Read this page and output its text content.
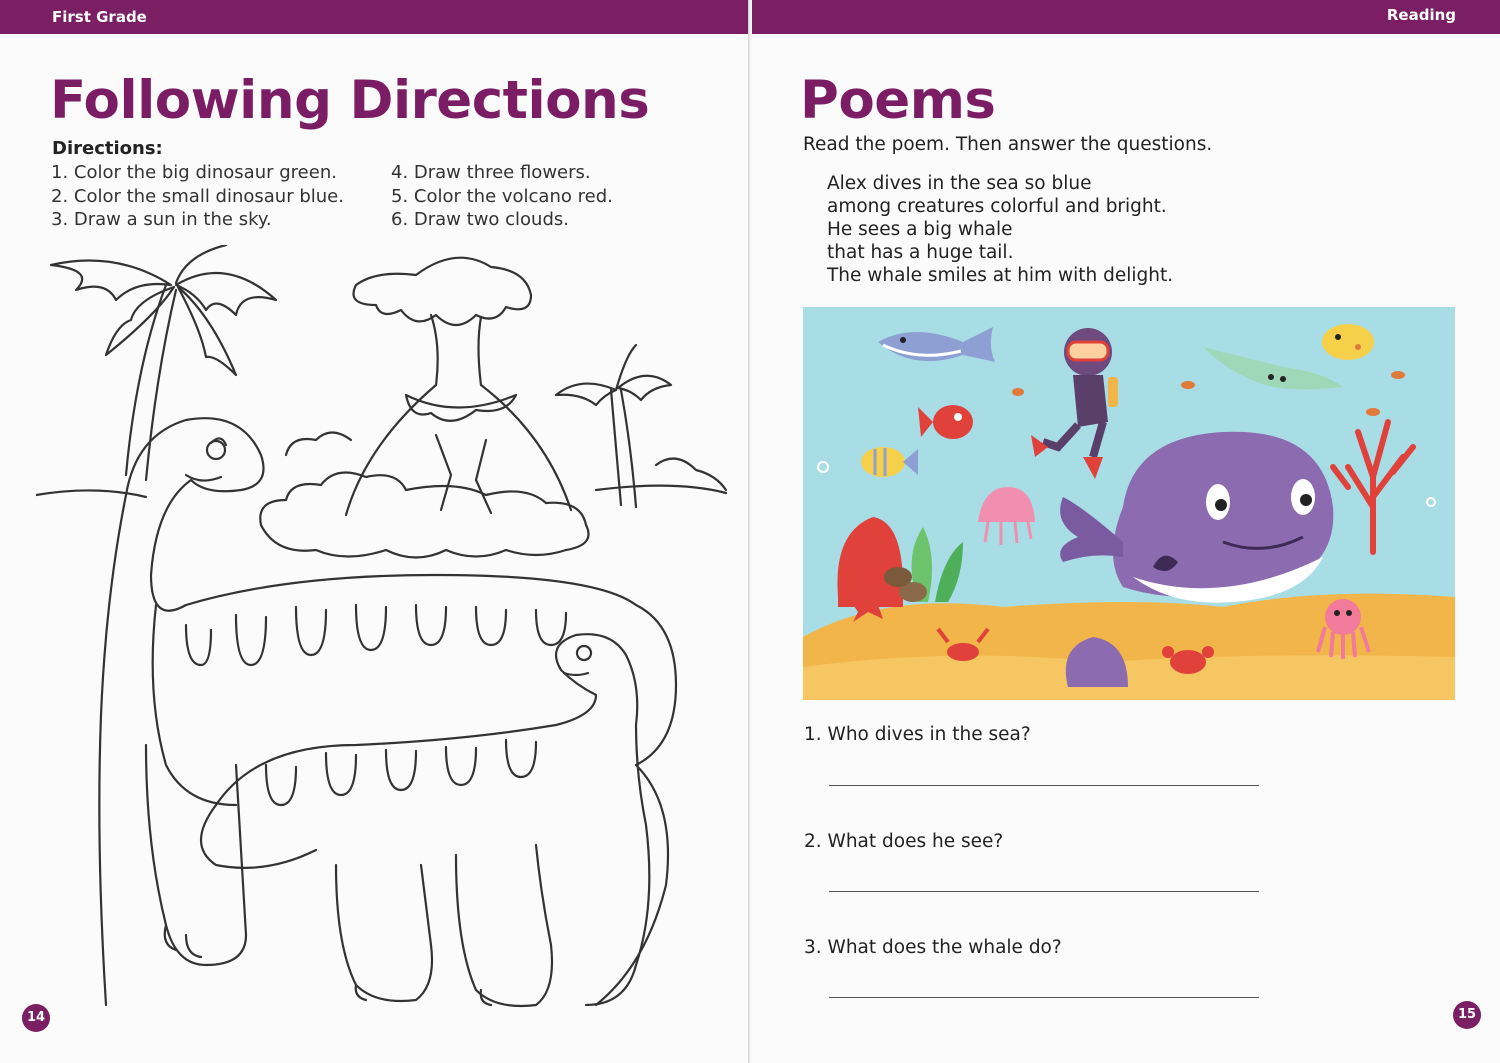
First Grade
Following Directions
Directions:
1. Color the big dinosaur green.
2. Color the small dinosaur blue.
3. Draw a sun in the sky.
4. Draw three flowers.
5. Color the volcano red.
6. Draw two clouds.
14
Reading
Poems
Read the poem. Then answer the questions.
Alex dives in the sea so blue
among creatures colorful and bright.
He sees a big whale
that has a huge tail.
The whale smiles at him with delight.
1. Who dives in the sea?
2. What does he see?
3. What does the whale do?
15
